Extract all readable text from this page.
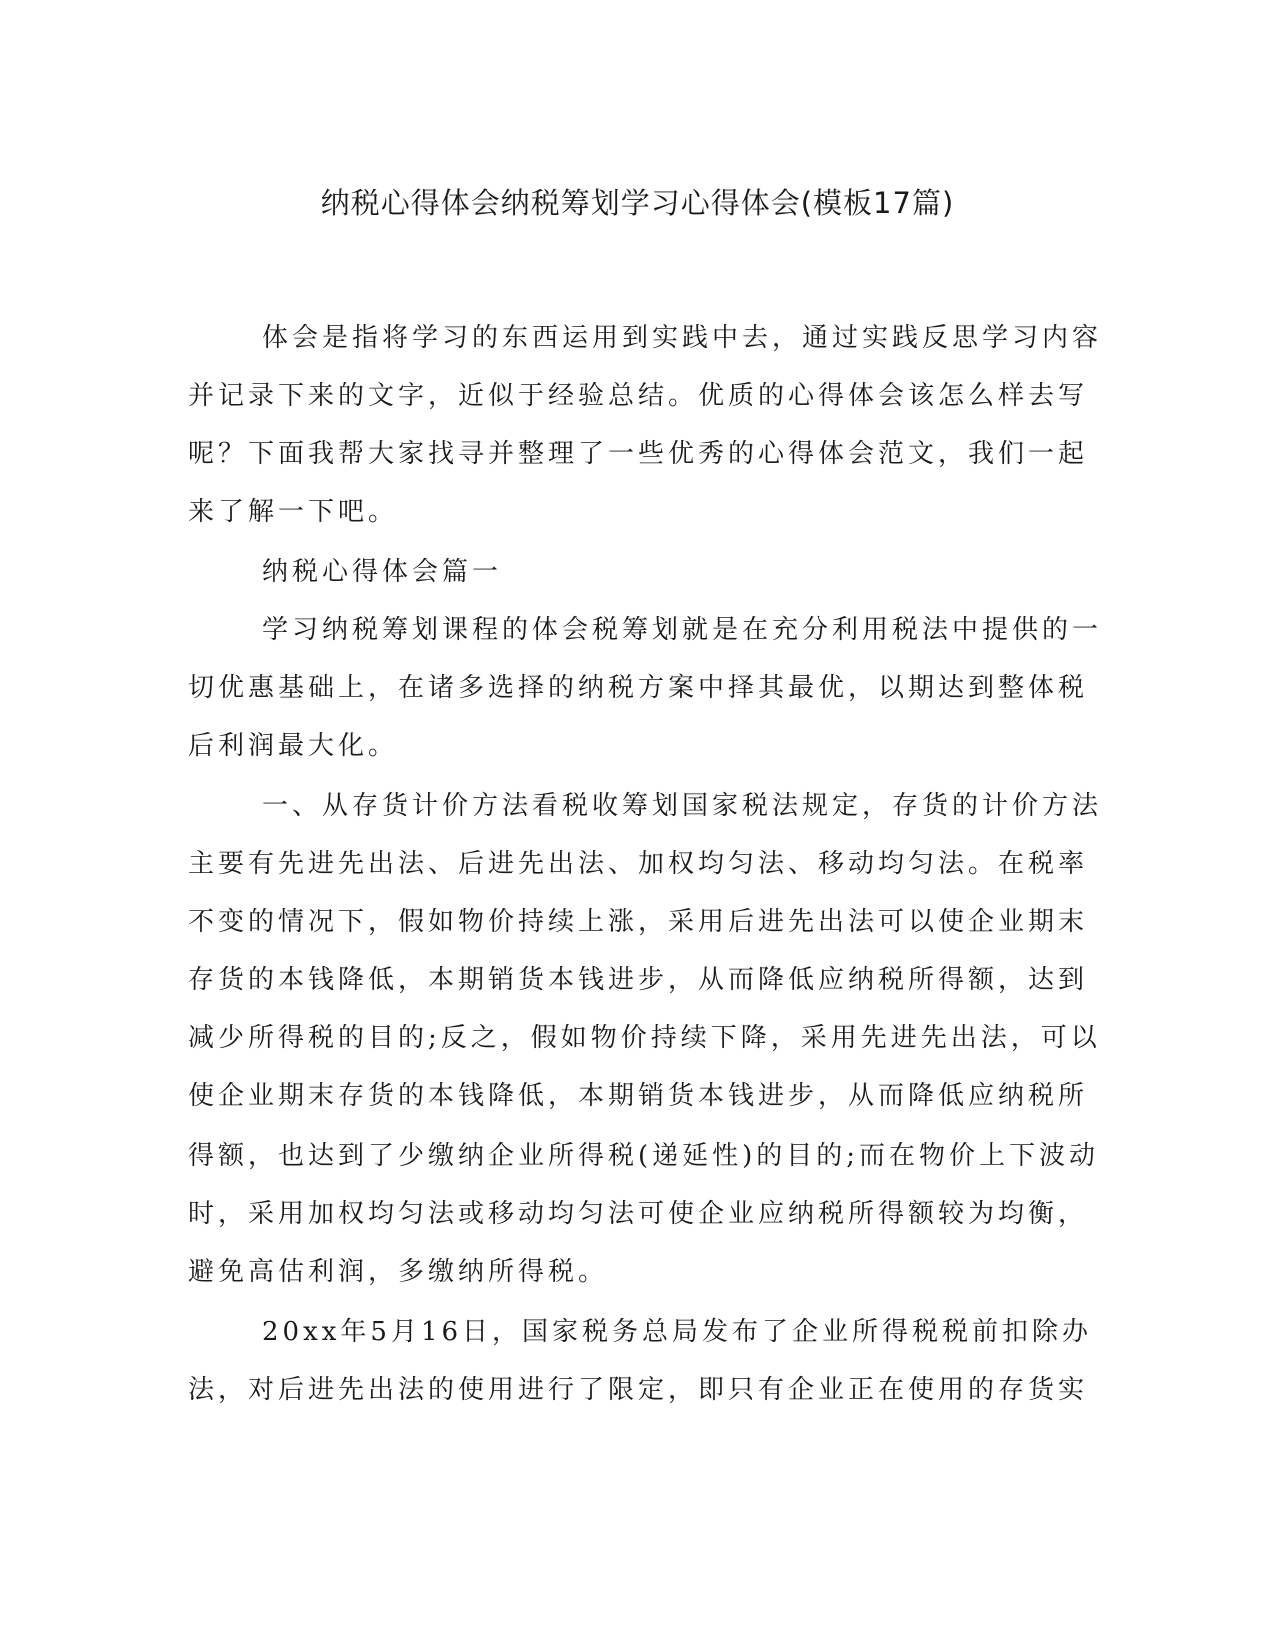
纳税心得体会纳税筹划学习心得体会(模板17篇)

体会是指将学习的东西运用到实践中去，通过实践反思学习内容

并记录下来的文字，近似于经验总结。优质的心得体会该怎么样去写

呢？下面我帮大家找寻并整理了一些优秀的心得体会范文，我们一起

来了解一下吧。

纳税心得体会篇一

学习纳税筹划课程的体会税筹划就是在充分利用税法中提供的一

切优惠基础上，在诸多选择的纳税方案中择其最优，以期达到整体税

后利润最大化。

一、从存货计价方法看税收筹划国家税法规定，存货的计价方法

主要有先进先出法、后进先出法、加权均匀法、移动均匀法。在税率

不变的情况下，假如物价持续上涨，采用后进先出法可以使企业期末

存货的本钱降低，本期销货本钱进步，从而降低应纳税所得额，达到

减少所得税的目的;反之，假如物价持续下降，采用先进先出法，可以

使企业期末存货的本钱降低，本期销货本钱进步，从而降低应纳税所

得额，也达到了少缴纳企业所得税(递延性)的目的;而在物价上下波动

时，采用加权均匀法或移动均匀法可使企业应纳税所得额较为均衡，

避免高估利润，多缴纳所得税。

20xx年5月16日，国家税务总局发布了企业所得税税前扣除办

法，对后进先出法的使用进行了限定，即只有企业正在使用的存货实
